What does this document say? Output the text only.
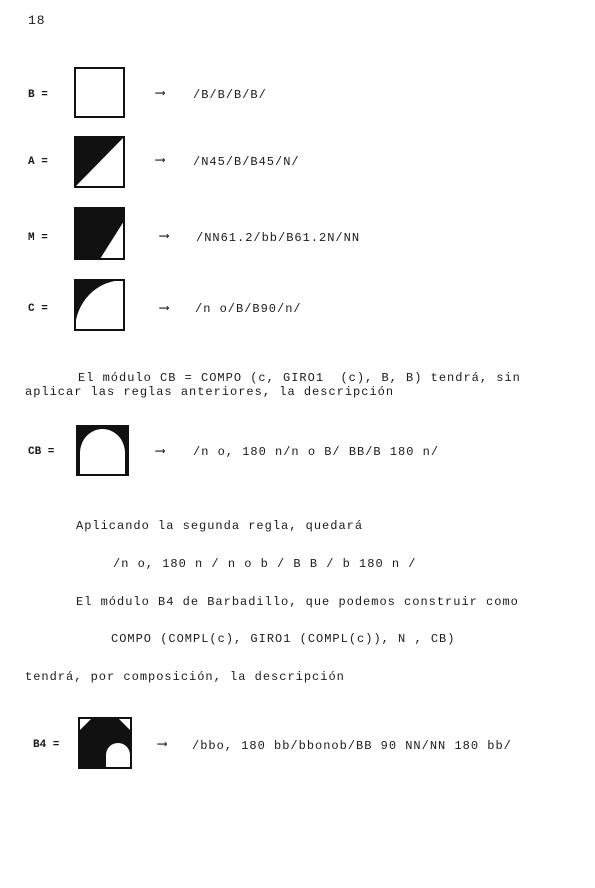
18
B =	⟶ /B/B/B/B/
A =	⟶ /N45/B/B45/N/
M =	⟶ /NN61.2/bb/B61.2N/NN
C =	⟶ /n o/B/B90/n/
El módulo CB = COMPO (c, GIRO1  (c), B, B) tendrá, sin
aplicar las reglas anteriores, la descripción
CB =	⟶ /n o, 180 n/n o B/ BB/B 180 n/
Aplicando la segunda regla, quedará
/n o, 180 n / n o b / B B / b 180 n /
El módulo B4 de Barbadillo, que podemos construir como
COMPO (COMPL(c), GIRO1 (COMPL(c)), N , CB)
tendrá, por composición, la descripción
B4 =	⟶ /bbo, 180 bb/bbonob/BB 90 NN/NN 180 bb/
